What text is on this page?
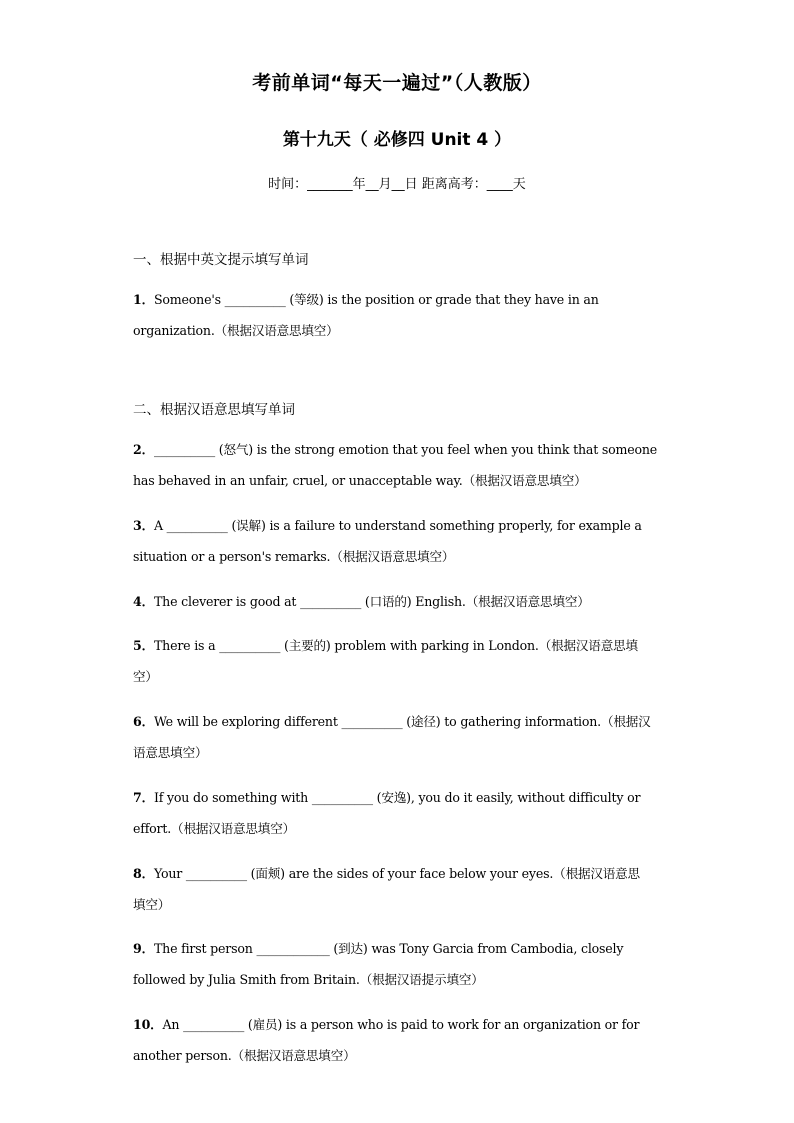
考前单词“每天一遍过”（人教版）
第十九天（ 必修四 Unit 4 ）
时间：_______年__月__日 距离高考：____天
一、根据中英文提示填写单词
1．Someone's __________ (等级) is the position or grade that they have in an
organization.（根据汉语意思填空）
二、根据汉语意思填写单词
2．__________ (怒气) is the strong emotion that you feel when you think that someone
has behaved in an unfair, cruel, or unacceptable way.（根据汉语意思填空）
3．A __________ (误解) is a failure to understand something properly, for example a
situation or a person's remarks.（根据汉语意思填空）
4．The cleverer is good at __________ (口语的) English.（根据汉语意思填空）
5．There is a __________ (主要的) problem with parking in London.（根据汉语意思填
空）
6．We will be exploring different __________ (途径) to gathering information.（根据汉
语意思填空）
7．If you do something with __________ (安逸), you do it easily, without difficulty or
effort.（根据汉语意思填空）
8．Your __________ (面颊) are the sides of your face below your eyes.（根据汉语意思
填空）
9．The first person ____________ (到达) was Tony Garcia from Cambodia, closely
followed by Julia Smith from Britain.（根据汉语提示填空）
10．An __________ (雇员) is a person who is paid to work for an organization or for
another person.（根据汉语意思填空）
